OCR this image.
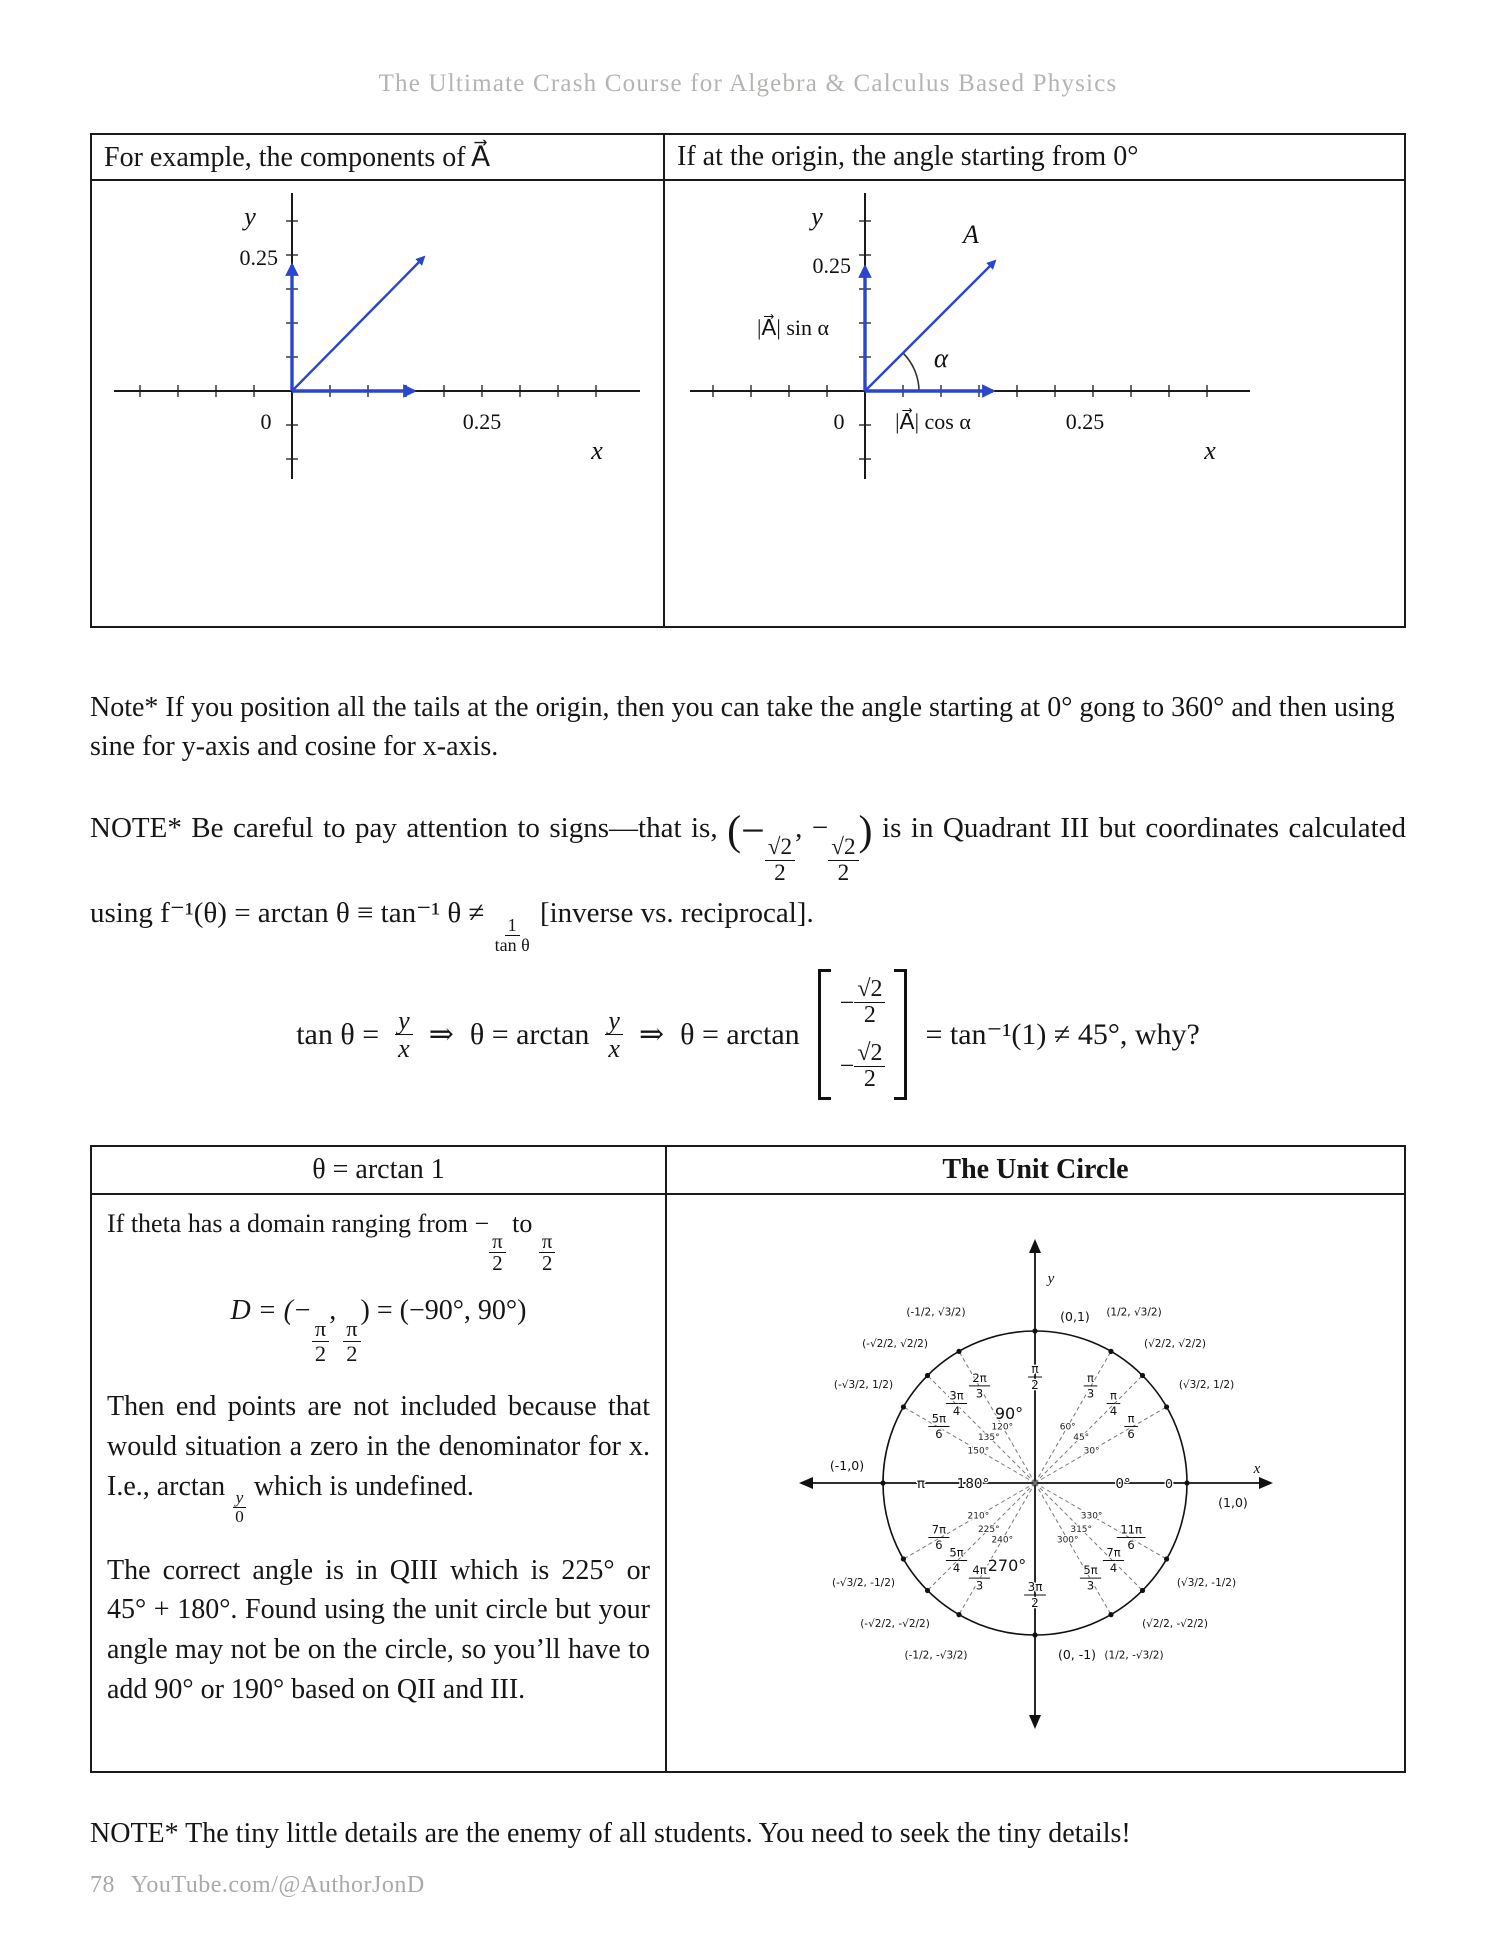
The Ultimate Crash Course for Algebra & Calculus Based Physics
For example, the components of A⃗	If at the origin, the angle starting from 0°
y
0.25
0	0.25
x
y
A⃗
α
0.25
|A⃗| sin α
|A⃗| cos α
0	0.25
x

Note* If you position all the tails at the origin, then you can take the angle starting at 0° gong to 360° and then using sine for y-axis and cosine for x-axis.

NOTE* Be careful to pay attention to signs—that is, (−
$\frac{√2}{2}$
, −
$\frac{√2}{2}$
) is in Quadrant III but coordinates calculated using f⁻¹(θ) = arctan θ ≡ tan⁻¹ θ ≠
$\frac{1}{\text{tan θ}}$
[inverse vs. reciprocal].

$\tan \theta = \frac{y}{x}$ ⇒ θ = arctan y
x ⇒ θ = arctan
− $\frac{√2}{2}$
− $\frac{√2}{2}$
= tan⁻¹(1) ≠ 45°, why?
θ = arctan 1	The Unit Circle

If theta has a domain ranging from −
$\frac{\pi}{2}$
to
$\frac{\pi}{2}$

D = (−
$\frac{\pi}{2}$
,
$\frac{\pi}{2}$
) = (−90°, 90°)

Then end points are not included because that would situation a zero in the denominator for x. I.e., arctan
$\frac{y}{0}$
which is undefined.

The correct angle is in QIII which is 225° or 45° + 180°. Found using the unit circle but your angle may not be on the circle, so you’ll have to add 90° or 190° based on QII and III.

(√3/2, 1/2)
π
6
30°
(√2/2, √2/2)
π
4
45°
(1/2, √3/2)
π
3
60°
(-1/2, √3/2)
2π
3
120°
(-√2/2, √2/2)
3π
4
135°
(-√3/2, 1/2)
5π
6
150°
(-√3/2, -1/2)
7π
6
210°
(-√2/2, -√2/2)
5π
4
225°
(-1/2, -√3/2)
4π
3
240°
(1/2, -√3/2)
5π
3
300°
(√2/2, -√2/2)
7π
4
315°
(√3/2, -1/2)
11π
6
330°
(0,1)
π
2
90°
0°	0
(1,0)
(-1,0)
π 180°
270°
3π
2
(0, -1)
y
x

NOTE* The tiny little details are the enemy of all students. You need to seek the tiny details!

78 YouTube.com/@AuthorJonD
